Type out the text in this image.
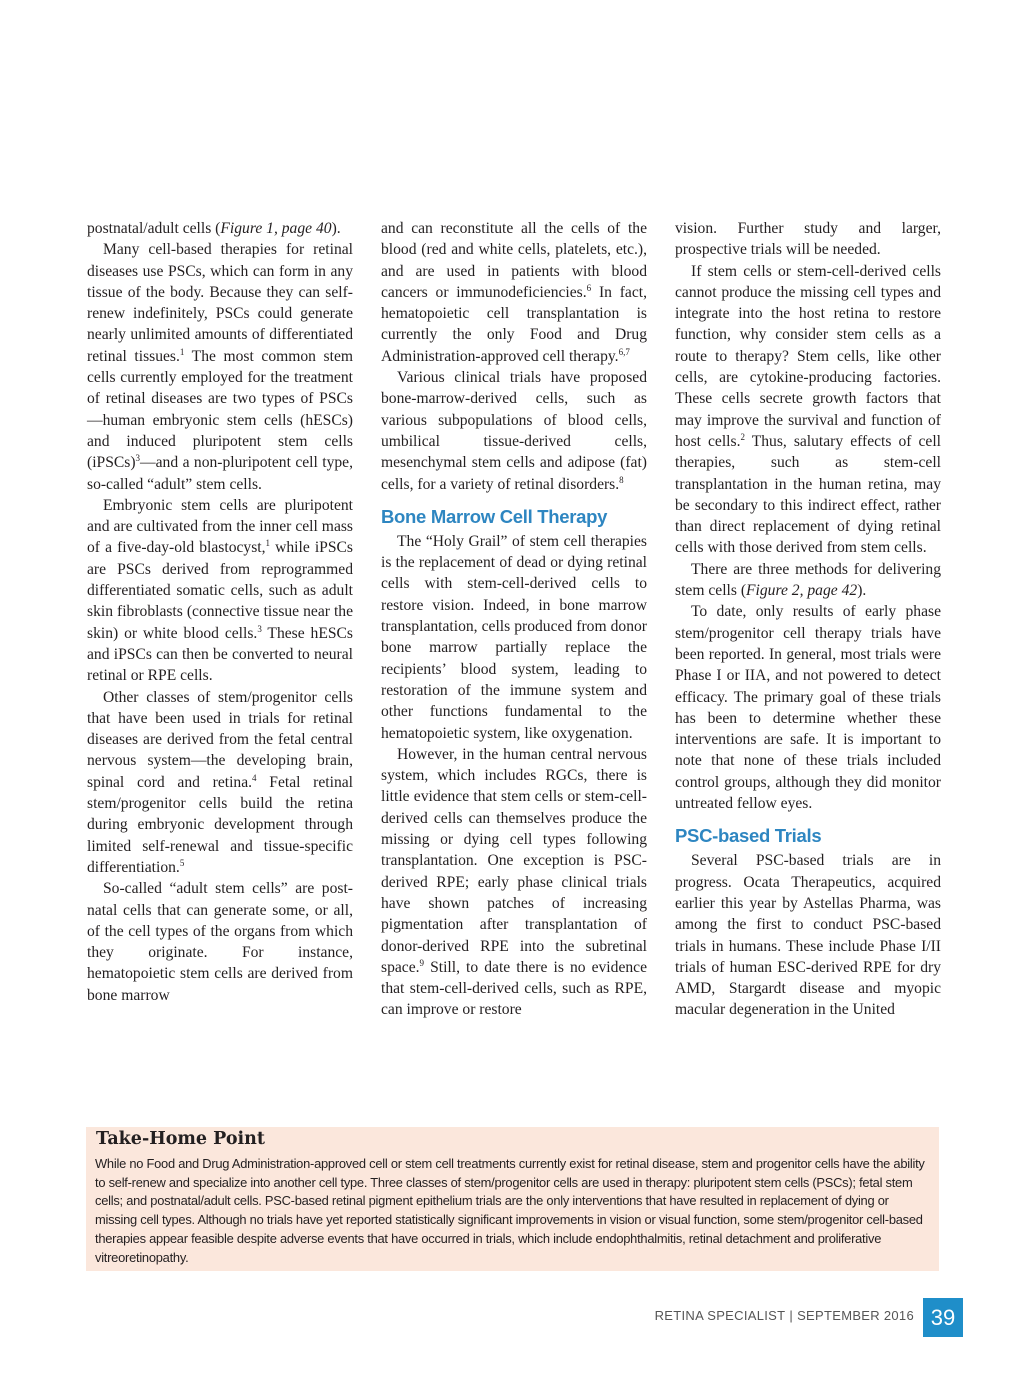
postnatal/adult cells (Figure 1, page 40).

Many cell-based therapies for retinal diseases use PSCs, which can form in any tissue of the body. Because they can self-renew indefinitely, PSCs could generate nearly unlimited amounts of differentiated retinal tissues.$^1$ The most common stem cells currently employed for the treatment of retinal diseases are two types of PSCs—human embryonic stem cells (hESCs) and induced pluripotent stem cells (iPSCs)$^3$—and a non-pluripotent cell type, so-called “adult” stem cells.

Embryonic stem cells are pluripotent and are cultivated from the inner cell mass of a five-day-old blastocyst,$^1$ while iPSCs are PSCs derived from reprogrammed differentiated somatic cells, such as adult skin fibroblasts (connective tissue near the skin) or white blood cells.$^3$ These hESCs and iPSCs can then be converted to neural retinal or RPE cells.

Other classes of stem/progenitor cells that have been used in trials for retinal diseases are derived from the fetal central nervous system—the developing brain, spinal cord and retina.$^4$ Fetal retinal stem/progenitor cells build the retina during embryonic development through limited self-renewal and tissue-specific differentiation.$^5$

So-called “adult stem cells” are post-natal cells that can generate some, or all, of the cell types of the organs from which they originate. For instance, hematopoietic stem cells are derived from bone marrow

and can reconstitute all the cells of the blood (red and white cells, platelets, etc.), and are used in patients with blood cancers or immunodeficiencies.$^6$ In fact, hematopoietic cell transplantation is currently the only Food and Drug Administration-approved cell therapy.$^{6,7}$

Various clinical trials have proposed bone-marrow-derived cells, such as various subpopulations of blood cells, umbilical tissue-derived cells, mesenchymal stem cells and adipose (fat) cells, for a variety of retinal disorders.$^8$

Bone Marrow Cell Therapy

The “Holy Grail” of stem cell therapies is the replacement of dead or dying retinal cells with stem-cell-derived cells to restore vision. Indeed, in bone marrow transplantation, cells produced from donor bone marrow partially replace the recipients’ blood system, leading to restoration of the immune system and other functions fundamental to the hematopoietic system, like oxygenation.

However, in the human central nervous system, which includes RGCs, there is little evidence that stem cells or stem-cell-derived cells can themselves produce the missing or dying cell types following transplantation. One exception is PSC-derived RPE; early phase clinical trials have shown patches of increasing pigmentation after transplantation of donor-derived RPE into the subretinal space.$^9$ Still, to date there is no evidence that stem-cell-derived cells, such as RPE, can improve or restore

vision. Further study and larger, prospective trials will be needed.

If stem cells or stem-cell-derived cells cannot produce the missing cell types and integrate into the host retina to restore function, why consider stem cells as a route to therapy? Stem cells, like other cells, are cytokine-producing factories. These cells secrete growth factors that may improve the survival and function of host cells.$^2$ Thus, salutary effects of cell therapies, such as stem-cell transplantation in the human retina, may be secondary to this indirect effect, rather than direct replacement of dying retinal cells with those derived from stem cells.

There are three methods for delivering stem cells (Figure 2, page 42).

To date, only results of early phase stem/progenitor cell therapy trials have been reported. In general, most trials were Phase I or IIA, and not powered to detect efficacy. The primary goal of these trials has been to determine whether these interventions are safe. It is important to note that none of these trials included control groups, although they did monitor untreated fellow eyes.

PSC-based Trials

Several PSC-based trials are in progress. Ocata Therapeutics, acquired earlier this year by Astellas Pharma, was among the first to conduct PSC-based trials in humans. These include Phase I/II trials of human ESC-derived RPE for dry AMD, Stargardt disease and myopic macular degeneration in the United

Take-Home Point

While no Food and Drug Administration-approved cell or stem cell treatments currently exist for retinal disease, stem and progenitor cells have the ability to self-renew and specialize into another cell type. Three classes of stem/progenitor cells are used in therapy: pluripotent stem cells (PSCs); fetal stem cells; and postnatal/adult cells. PSC-based retinal pigment epithelium trials are the only interventions that have resulted in replacement of dying or missing cell types. Although no trials have yet reported statistically significant improvements in vision or visual function, some stem/progenitor cell-based therapies appear feasible despite adverse events that have occurred in trials, which include endophthalmitis, retinal detachment and proliferative vitreoretinopathy.

RETINA SPECIALIST | SEPTEMBER 2016 39
